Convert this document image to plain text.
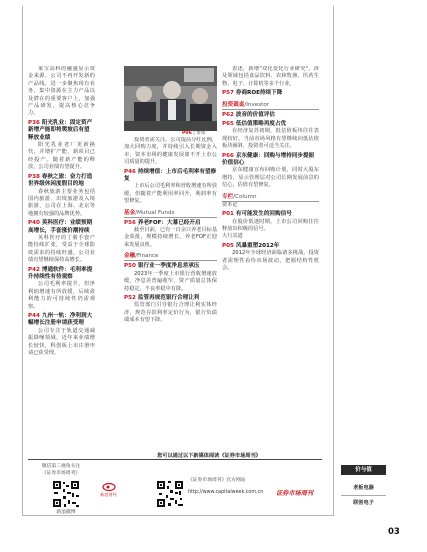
莱宝高科的融盛显示资金来源。公司不再开发新的产品线，进一步聚焦现有业务，集中资源在主力产品以及潜在的重要客户上，加强产品研发，提高核心竞争力。
P36 阳光乳业：固定资产新增产能即将爬坡后有望释放业绩
阳光乳业老厂更新换代，并增扩产能，新项目已经投产。随着新产能的释放，公司业绩有望提升。
P38 春秋之旅：奋力打造世界级休闲度假目的地
春秋旅游主要业务包括国内旅游、出境旅游及入境旅游，公司在上海、北京等地拥有较强的品牌优势。
P40 英科医疗：业绩预期高增长，手套涨价潮持续
英科医疗的丁腈手套产能持续扩张，受益于全球防疫需求的持续旺盛，公司业绩有望继续保持高增长。
P42 博通软件：毛利率提升持续性有待观察
公司毛利率提升，但净利润增速有所放缓，后续盈利能力的可持续性仍需观察。
P44 九州一轨：净利润大幅增长注册申请获受理
公司专注于轨道交通减振降噪领域，近年来业绩增长较快，科创板上市注册申请已获受理。
P06 | 要闻
投资者需关注。公司提高分红比例，加大回购力度，并持续引入长期资金入市，资本市场的健康发展离不开上市公司质量的提升。
P46 持续增值：上市后毛利率有望修复
上市后公司毛利率和营收增速有所放缓，但随着产能利用率回升，利润率有望修复。
基金 /Mutual Funds
P56 养老FOF：大幕已经开启
截至目前，已有一百余只养老目标基金获批，规模持续增长，养老FOF正迎来发展良机。
金融 /Finance
P50 银行业一季度净息差承压
2023年一季度上市银行营收增速放缓，净息差普遍收窄，资产质量总体保持稳定，不良率稳中有降。
P52 监管再规范银行合理让利
监管部门引导银行合理让利实体经济，规范存款利率定价行为，银行负债端成本有望下降。
表述，新增"双化变化行业研究"，涉及领域包括食品饮料、农林牧渔、医药生物、电子、计算机等多个行业。
P57 券商ROE持续下降
投资圆桌 /Investor
P62 波音的价值评估
P65 低估值策略再度占优
在经济复苏初期，低估值板块往往表现较好，当前市场风格有望继续向低估值板块倾斜，投资者可适当关注。
P66 京东健康：回购与增持同步提振价值信心
京东健康宣布回购计划，同时大股东增持，显示管理层对公司长期发展前景的信心，估值有望修复。
专栏 /Column
资本论
P01 有可能发生的回购信号
在股价低迷时期，上市公司回购往往释放出积极的信号。
大行其道
P05 风暴重塑2012年
2012年全球经济面临诸多挑战，投资者需理性看待市场波动，把握结构性机会。
您可以通过以下新媒体阅读《证券市场周刊》
微信第二视角关注
《证券市场周刊》
新浪微博
新浪财经
《证券市场周刊》官方网站
http://www.capitalweek.com.cn	证券市场周刊
价与值
老板电器
联创电子
03
